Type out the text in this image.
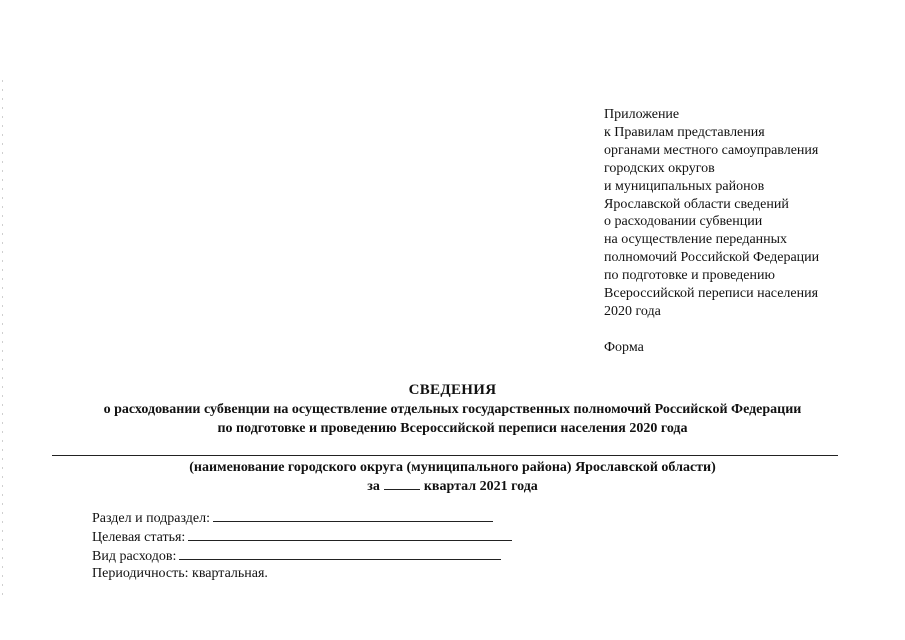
Приложение
к Правилам представления
органами местного самоуправления
городских округов
и муниципальных районов
Ярославской области сведений
о расходовании субвенции
на осуществление переданных
полномочий Российской Федерации
по подготовке и проведению
Всероссийской переписи населения
2020 года
Форма
СВЕДЕНИЯ
о расходовании субвенции на осуществление отдельных государственных полномочий Российской Федерации
по подготовке и проведению Всероссийской переписи населения 2020 года
(наименование городского округа (муниципального района) Ярославской области)
за	квартал 2021 года
Раздел и подраздел:
Целевая статья:
Вид расходов:
Периодичность: квартальная.
